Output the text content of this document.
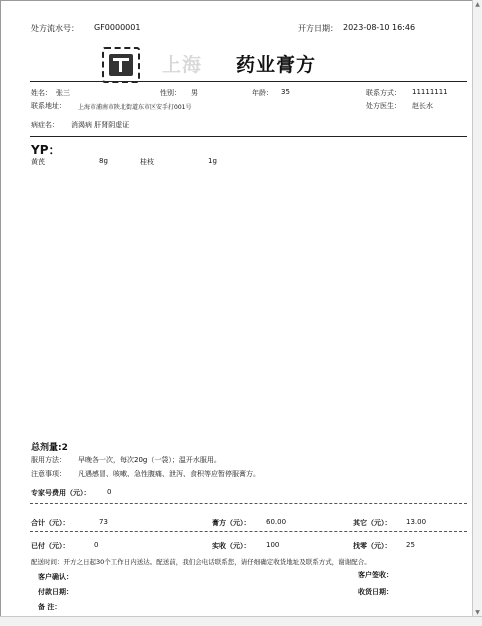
处方流水号： GF0000001	开方日期： 2023-08-10 16:46
上海 药业膏方
姓名： 张三	性别： 男	年龄： 35	联系方式： 11111111
联系地址： 上海市浦南市陕北街道东市区安手打001号	处方医生： 赵长水
病症名： 消渴病 肝肾阴虚证
YP：
黄芪	8g	桂枝	1g
总剂量:2
服用方法： 早晚各一次，每次20g（一袋）；温开水服用。
注意事项： 凡遇感冒、咳嗽、急性腹痛、泄泻、食积等应暂停服膏方。
专家号费用（元）： 0
合计（元）：	73	膏方（元）： 60.00	其它（元）： 13.00
已付（元）：	0	实收（元）： 100	找零（元）： 25
配送时间：开方之日起30个工作日内送达。配送前，我们会电话联系您，请仔细确定收货地址及联系方式，谢谢配合。
客户确认：	客户签收：
付款日期：	收货日期：
备 注：
▲
▼
